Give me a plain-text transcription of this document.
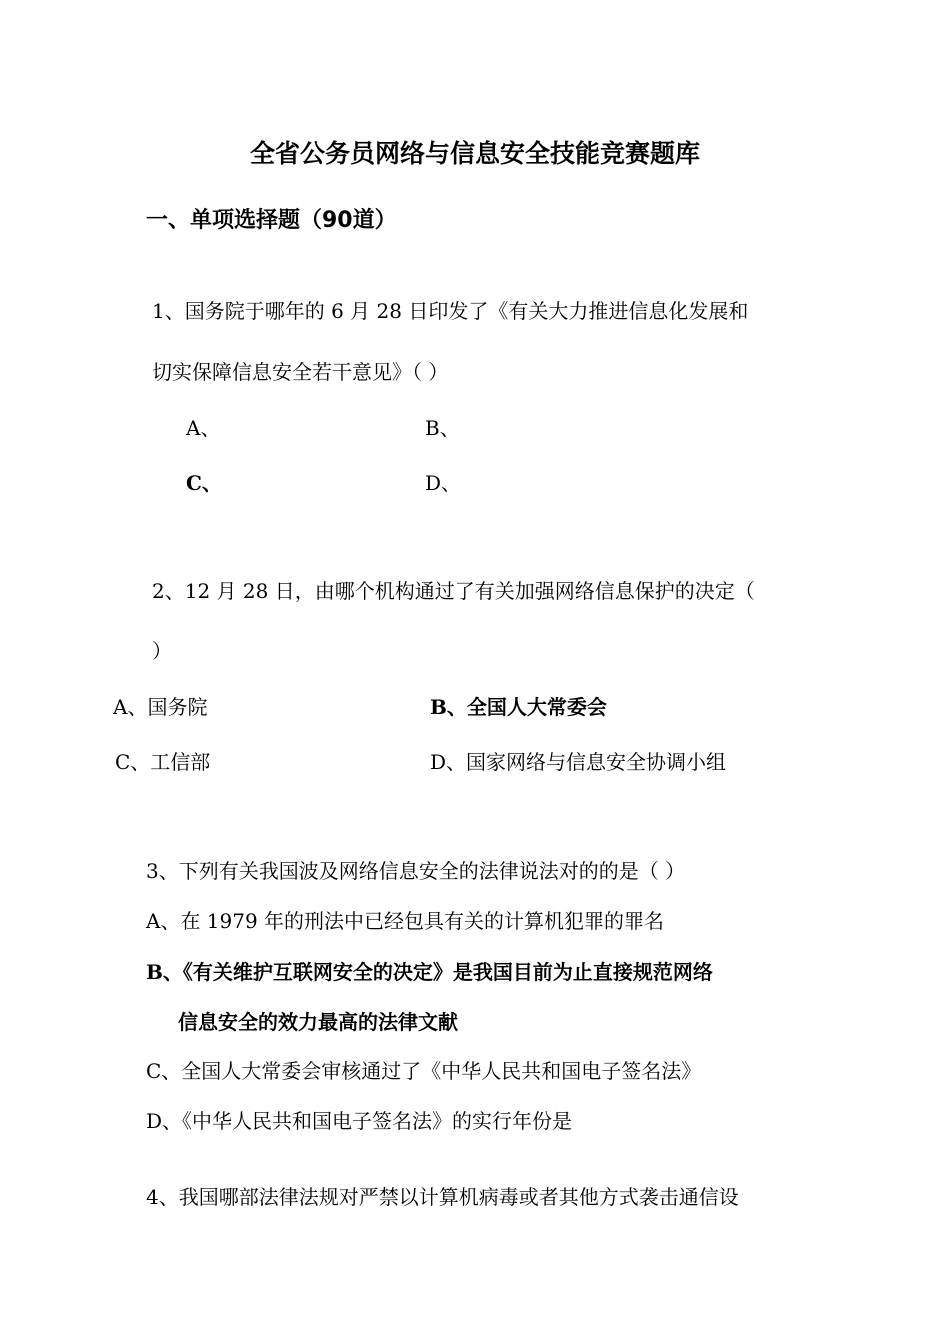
全省公务员网络与信息安全技能竞赛题库
一、单项选择题（90道）
1、国务院于哪年的 6 月 28 日印发了《有关大力推进信息化发展和
切实保障信息安全若干意见》（ ）
A、	B、
C、	D、
2、12 月 28 日，由哪个机构通过了有关加强网络信息保护的决定（
）
A、国务院	B、全国人大常委会
C、工信部	D、国家网络与信息安全协调小组
3、下列有关我国波及网络信息安全的法律说法对的的是（ ）
A、在 1979 年的刑法中已经包具有关的计算机犯罪的罪名
B、《有关维护互联网安全的决定》是我国目前为止直接规范网络
信息安全的效力最高的法律文献
C、全国人大常委会审核通过了《中华人民共和国电子签名法》
D、《中华人民共和国电子签名法》的实行年份是
4、我国哪部法律法规对严禁以计算机病毒或者其他方式袭击通信设
